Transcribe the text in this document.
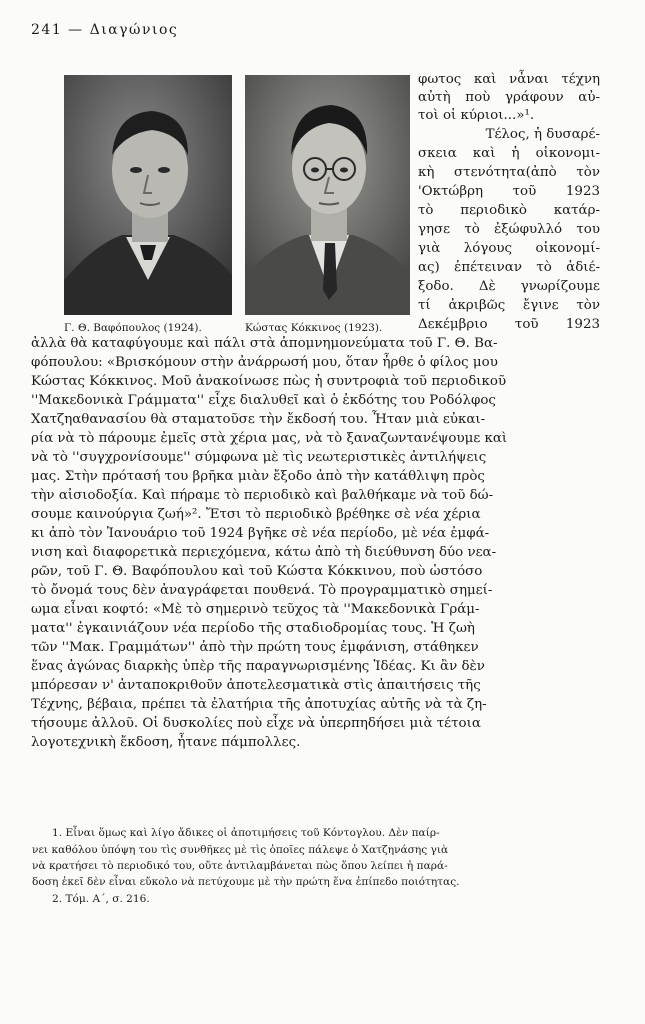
241 — Διαγώνιος
Γ. Θ. Βαφόπουλος (1924).	Κώστας Κόκκινος (1923).
φωτος καὶ νἆναι τέχνη
αὐτὴ ποὺ γράφουν αὐ-
τοὶ οἱ κύριοι...»¹.
Τέλος, ἡ δυσαρέ-
σκεια καὶ ἡ οἰκονομι-
κὴ στενότητα(ἀπὸ τὸν
'Οκτώβρη τοῦ 1923
τὸ περιοδικὸ κατάρ-
γησε τὸ ἐξώφυλλό του
γιὰ λόγους οἰκονομί-
ας) ἐπέτειναν τὸ ἀδιέ-
ξοδο. Δὲ γνωρίζουμε
τί ἀκριβῶς ἔγινε τὸν
Δεκέμβριο τοῦ 1923
ἀλλὰ θὰ καταφύγουμε καὶ πάλι στὰ ἀπομνημονεύματα τοῦ Γ. Θ. Βα-
φόπουλου: «Βρισκόμουν στὴν ἀνάρρωσή μου, ὅταν ἦρθε ὁ φίλος μου
Κώστας Κόκκινος. Μοῦ ἀνακοίνωσε πὼς ἡ συντροφιὰ τοῦ περιοδικοῦ
''Μακεδονικὰ Γράμματα'' εἶχε διαλυθεῖ καὶ ὁ ἐκδότης του Ροδόλφος
Χατζηαθανασίου θὰ σταματοῦσε τὴν ἔκδοσή του. Ἦταν μιὰ εὐκαι-
ρία νὰ τὸ πάρουμε ἐμεῖς στὰ χέρια μας, νὰ τὸ ξαναζωντανέψουμε καὶ
νὰ τὸ ''συγχρονίσουμε'' σύμφωνα μὲ τὶς νεωτεριστικὲς ἀντιλήψεις
μας. Στὴν πρότασή του βρῆκα μιὰν ἔξοδο ἀπὸ τὴν κατάθλιψη πρὸς
τὴν αἰσιοδοξία. Καὶ πήραμε τὸ περιοδικὸ καὶ βαλθήκαμε νὰ τοῦ δώ-
σουμε καινούργια ζωή»². Ἔτσι τὸ περιοδικὸ βρέθηκε σὲ νέα χέρια
κι ἀπὸ τὸν Ἰανουάριο τοῦ 1924 βγῆκε σὲ νέα περίοδο, μὲ νέα ἐμφά-
νιση καὶ διαφορετικὰ περιεχόμενα, κάτω ἀπὸ τὴ διεύθυνση δύο νεα-
ρῶν, τοῦ Γ. Θ. Βαφόπουλου καὶ τοῦ Κώστα Κόκκινου, ποὺ ὡστόσο
τὸ ὄνομά τους δὲν ἀναγράφεται πουθενά. Τὸ προγραμματικὸ σημεί-
ωμα εἶναι κοφτό: «Μὲ τὸ σημερινὸ τεῦχος τὰ ''Μακεδονικὰ Γράμ-
ματα'' ἐγκαινιάζουν νέα περίοδο τῆς σταδιοδρομίας τους. Ἡ ζωὴ
τῶν ''Μακ. Γραμμάτων'' ἀπὸ τὴν πρώτη τους ἐμφάνιση, στάθηκεν
ἕνας ἀγώνας διαρκὴς ὑπὲρ τῆς παραγνωρισμένης Ἰδέας. Κι ἂν δὲν
μπόρεσαν ν' ἀνταποκριθοῦν ἀποτελεσματικὰ στὶς ἀπαιτήσεις τῆς
Τέχνης, βέβαια, πρέπει τὰ ἐλατήρια τῆς ἀποτυχίας αὐτῆς νὰ τὰ ζη-
τήσουμε ἀλλοῦ. Οἱ δυσκολίες ποὺ εἶχε νὰ ὑπερπηδήσει μιὰ τέτοια
λογοτεχνικὴ ἔκδοση, ἦτανε πάμπολλες.
1. Εἶναι ὅμως καὶ λίγο ἄδικες οἱ ἀποτιμήσεις τοῦ Κόντογλου. Δὲν παίρ-
νει καθόλου ὑπόψη του τὶς συνθῆκες μὲ τὶς ὁποῖες πάλεψε ὁ Χατζηνάσης γιὰ
νὰ κρατήσει τὸ περιοδικό του, οὔτε ἀντιλαμβάνεται πὼς ὅπου λείπει ἡ παρά-
δοση ἐκεῖ δὲν εἶναι εὔκολο νὰ πετύχουμε μὲ τὴν πρώτη ἕνα ἐπίπεδο ποιότητας.
2. Τόμ. Α΄, σ. 216.
